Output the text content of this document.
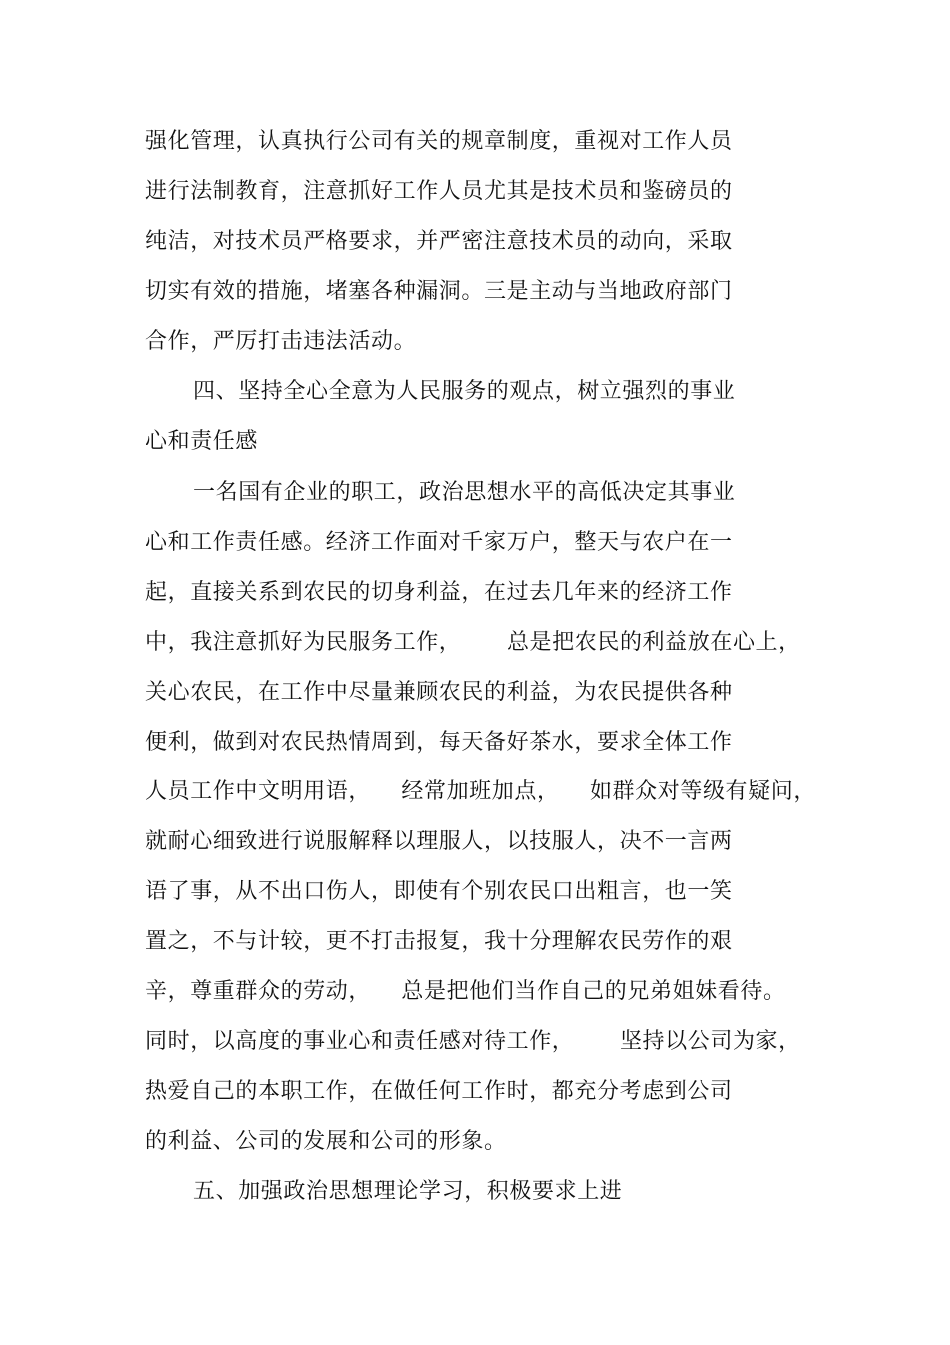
强化管理，认真执行公司有关的规章制度，重视对工作人员
进行法制教育，注意抓好工作人员尤其是技术员和鉴磅员的
纯洁，对技术员严格要求，并严密注意技术员的动向，采取
切实有效的措施，堵塞各种漏洞。三是主动与当地政府部门
合作，严厉打击违法活动。
四、坚持全心全意为人民服务的观点，树立强烈的事业
心和责任感
一名国有企业的职工，政治思想水平的高低决定其事业
心和工作责任感。经济工作面对千家万户，整天与农户在一
起，直接关系到农民的切身利益，在过去几年来的经济工作
中，我注意抓好为民服务工作，      总是把农民的利益放在心上，
关心农民，在工作中尽量兼顾农民的利益，为农民提供各种
便利，做到对农民热情周到，每天备好茶水，要求全体工作
人员工作中文明用语，    经常加班加点，    如群众对等级有疑问，
就耐心细致进行说服解释以理服人，以技服人，决不一言两
语了事，从不出口伤人，即使有个别农民口出粗言，也一笑
置之，不与计较，更不打击报复，我十分理解农民劳作的艰
辛，尊重群众的劳动，    总是把他们当作自己的兄弟姐妹看待。
同时，以高度的事业心和责任感对待工作，      坚持以公司为家，
热爱自己的本职工作，在做任何工作时，都充分考虑到公司
的利益、公司的发展和公司的形象。
五、加强政治思想理论学习，积极要求上进
